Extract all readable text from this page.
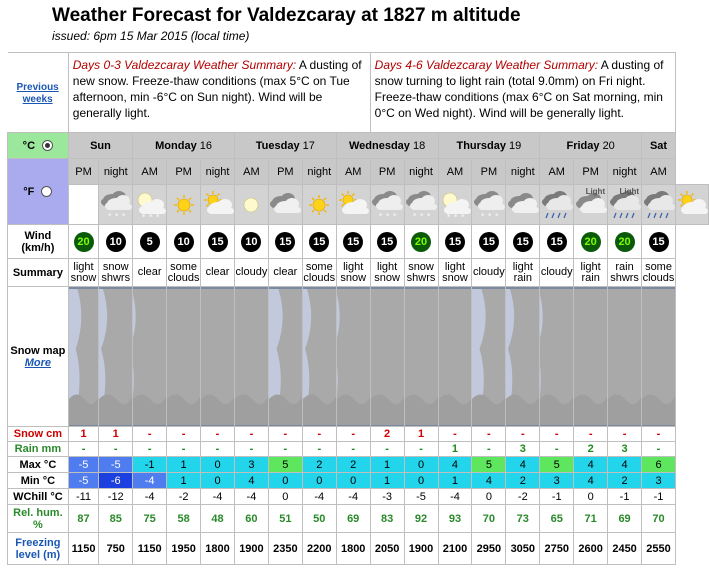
Weather Forecast for Valdezcaray at 1827 m altitude
issued: 6pm 15 Mar 2015 (local time)
Previous weeks	Days 0-3 Valdezcaray Weather Summary: A dusting of new snow. Freeze-thaw conditions (max 5°C on Tue afternoon, min -6°C on Sun night). Wind will be generally light.									Days 4-6 Valdezcaray Weather Summary: A dusting of snow turning to light rain (total 9.0mm) on Fri night. Freeze-thaw conditions (max 6°C on Sat morning, min 0°C on Wed night). Wind will be generally light.									
°C	Sun		Monday 16			Tuesday 17			Wednesday 18			Thursday 19			Friday 20			Sat	
°F	PM	night	AM	PM	night	AM	PM	night	AM	PM	night	AM	PM	night	AM	PM	night	AM	

* * *	* * *							* * *	* * *	* * *	* * *			Light	Light

Wind (km/h)	20	10	5	10	15	10	15	15	15	15	20	15	15	15	15	20	20	15	
Summary	light snow	snow shwrs	clear	some clouds	clear	cloudy	clear	some clouds	light snow	light snow	snow shwrs	light snow	cloudy	light rain	cloudy	light rain	rain shwrs	some clouds	

Snow map
More	

Snow cm	1	1	-	-	-	-	-	-	-	2	1	-	-	-	-	-	-	-	
Rain mm	-	-	-	-	-	-	-	-	-	-	-	1	-	3	-	2	3	-	
Max °C	-5	-5	-1	1	0	3	5	2	2	1	0	4	5	4	5	4	4	6	
Min °C	-5	-6	-4	1	0	4	0	0	0	1	0	1	4	2	3	4	2	3	
WChill °C	-11	-12	-4	-2	-4	-4	0	-4	-4	-3	-5	-4	0	-2	-1	0	-1	-1	
Rel. hum. %	87	85	75	58	48	60	51	50	69	83	92	93	70	73	65	71	69	70	
Freezing level (m)	1150	750	1150	1950	1800	1900	2350	2200	1800	2050	1900	2100	2950	3050	2750	2600	2450	2550	
